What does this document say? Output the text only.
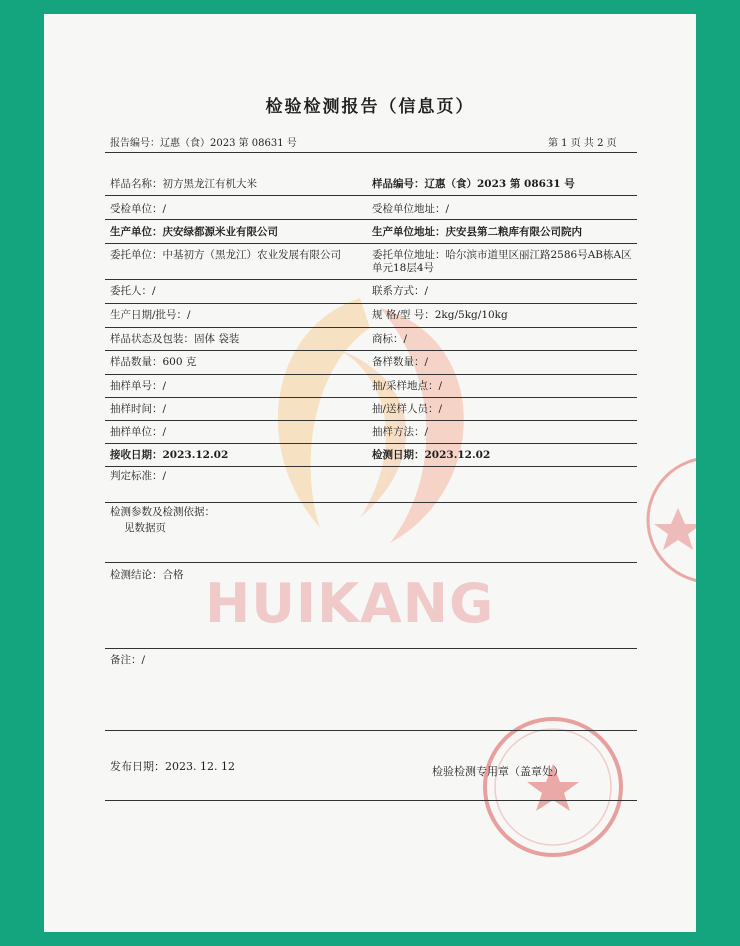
HUIKANG
检验检测报告（信息页）
报告编号：辽惠（食）2023 第 08631 号	第 1 页 共 2 页
样品名称：初方黑龙江有机大米	样品编号：辽惠（食）2023 第 08631 号
受检单位：/	受检单位地址：/
生产单位：庆安绿都源米业有限公司	生产单位地址：庆安县第二粮库有限公司院内
委托单位：中基初方（黑龙江）农业发展有限公司	委托单位地址：哈尔滨市道里区丽江路2586号AB栋A区单元18层4号
委托人：/	联系方式：/
生产日期/批号：/	规 格/型 号：2kg/5kg/10kg
样品状态及包装：固体 袋装	商标：/
样品数量：600 克	备样数量：/
抽样单号：/	抽/采样地点：/
抽样时间：/	抽/送样人员：/
抽样单位：/	抽样方法：/
接收日期：2023.12.02	检测日期：2023.12.02
判定标准：/
检测参数及检测依据：
见数据页
检测结论：合格
备注：/
发布日期：2023. 12. 12	检验检测专用章（盖章处）
